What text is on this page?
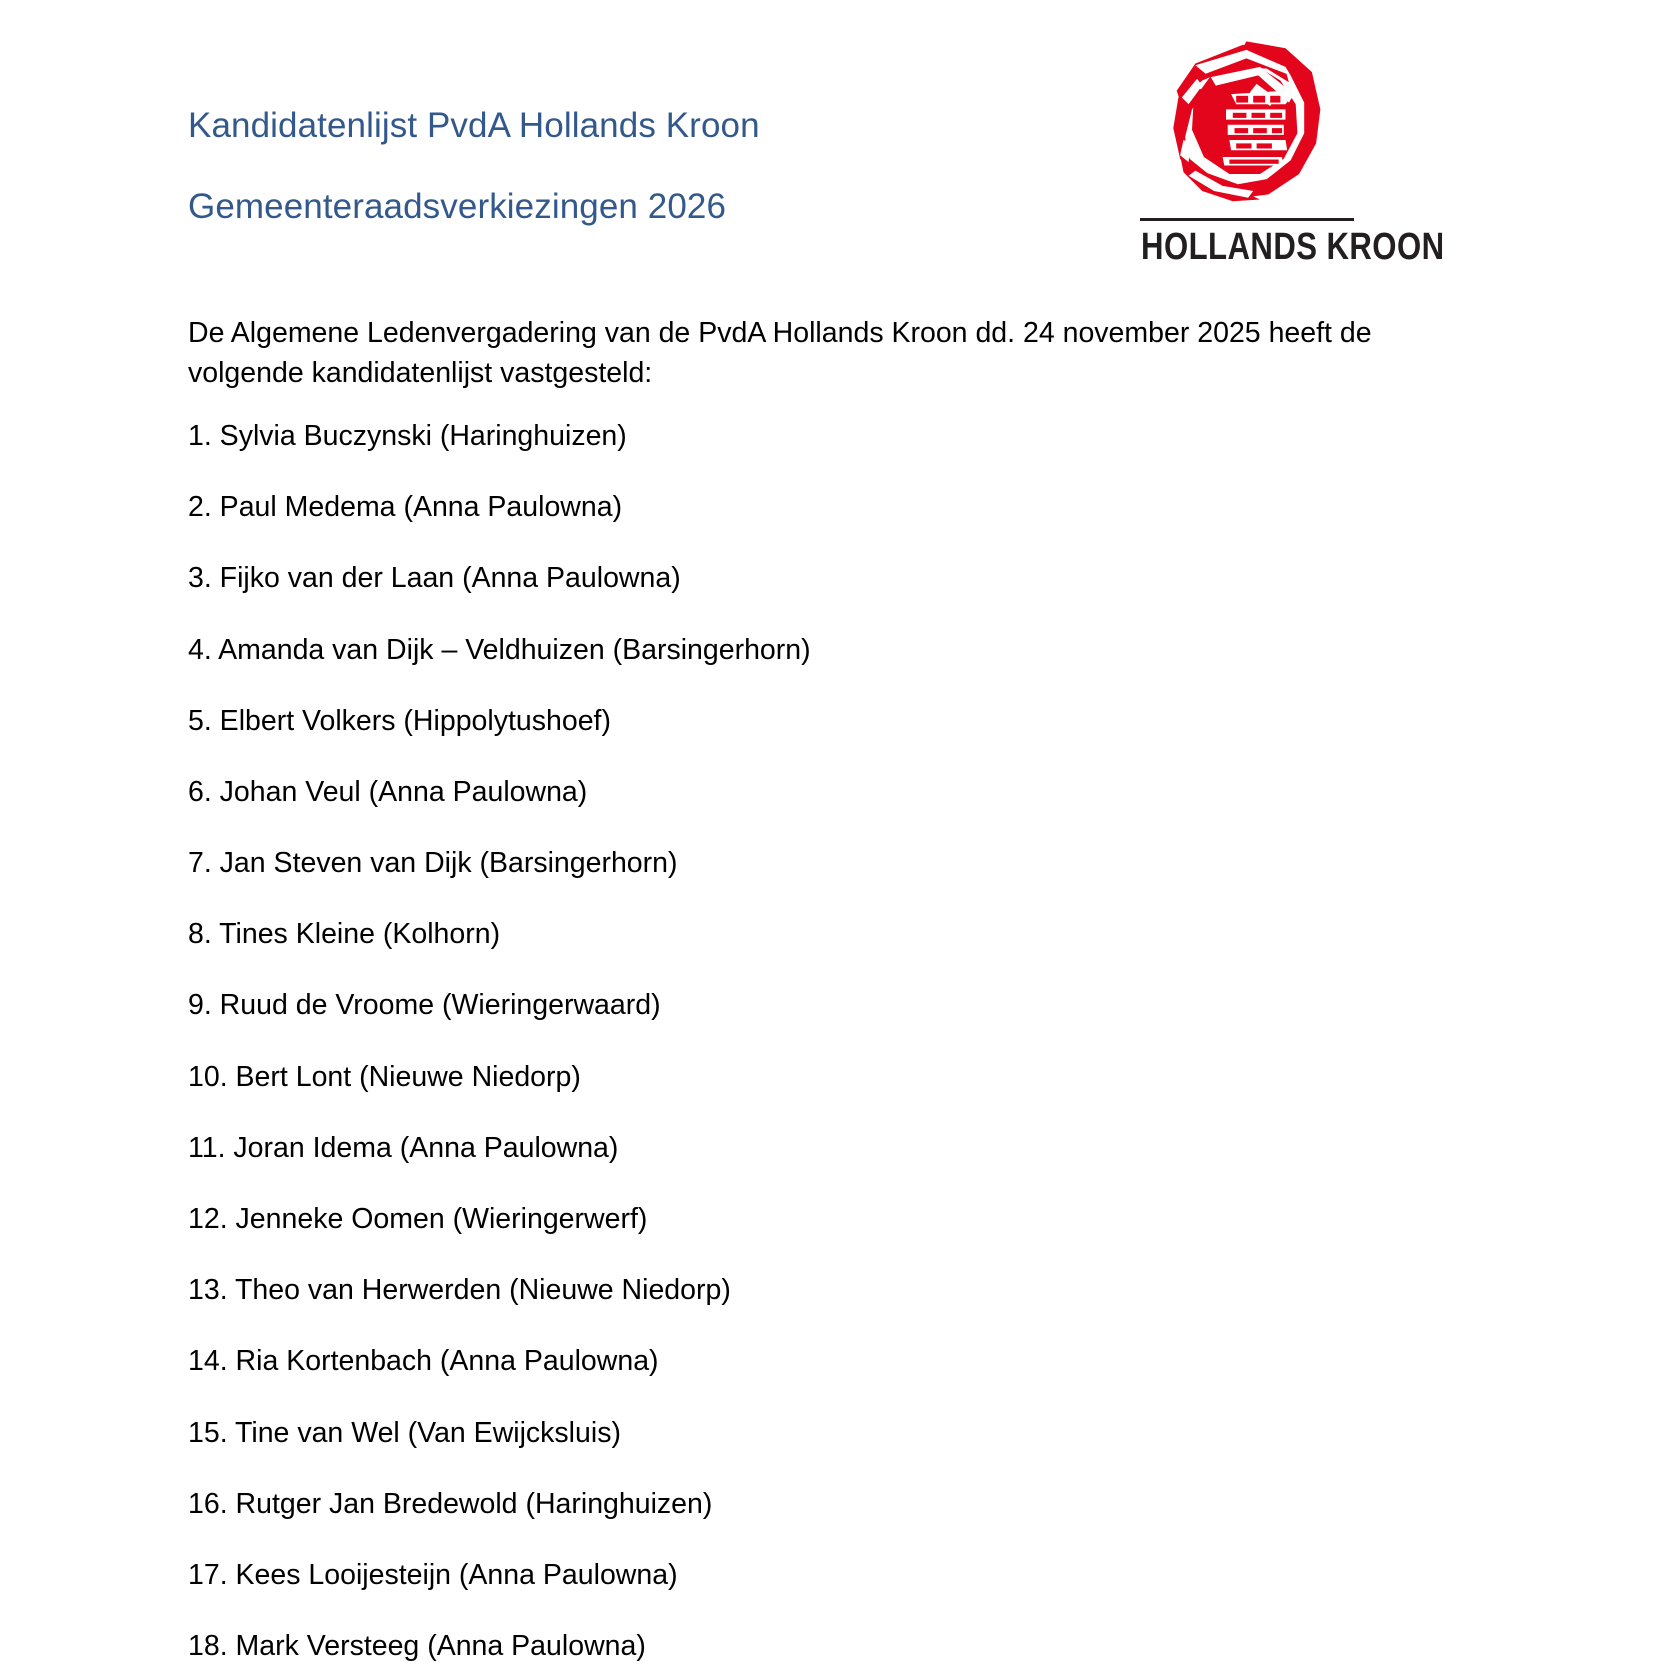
Kandidatenlijst PvdA Hollands Kroon
Gemeenteraadsverkiezingen 2026
HOLLANDS KROON

De Algemene Ledenvergadering van de PvdA Hollands Kroon dd. 24 november 2025 heeft de volgende kandidatenlijst vastgesteld:

1. Sylvia Buczynski (Haringhuizen)
2. Paul Medema (Anna Paulowna)
3. Fijko van der Laan (Anna Paulowna)
4. Amanda van Dijk – Veldhuizen (Barsingerhorn)
5. Elbert Volkers (Hippolytushoef)
6. Johan Veul (Anna Paulowna)
7. Jan Steven van Dijk (Barsingerhorn)
8. Tines Kleine (Kolhorn)
9. Ruud de Vroome (Wieringerwaard)
10. Bert Lont (Nieuwe Niedorp)
11. Joran Idema (Anna Paulowna)
12. Jenneke Oomen (Wieringerwerf)
13. Theo van Herwerden (Nieuwe Niedorp)
14. Ria Kortenbach (Anna Paulowna)
15. Tine van Wel (Van Ewijcksluis)
16. Rutger Jan Bredewold (Haringhuizen)
17. Kees Looijesteijn (Anna Paulowna)
18. Mark Versteeg (Anna Paulowna)
